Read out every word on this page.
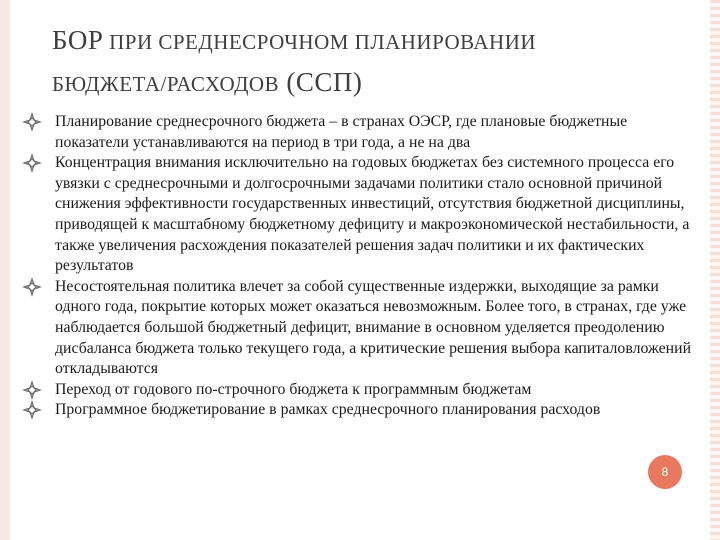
БОР ПРИ СРЕДНЕСРОЧНОМ ПЛАНИРОВАНИИ
БЮДЖЕТА/РАСХОДОВ (ССП)
Планирование среднесрочного бюджета – в странах ОЭСР, где плановые бюджетные показатели устанавливаются на период в три года, а не на два
Концентрация внимания исключительно на годовых бюджетах без системного процесса его увязки с среднесрочными и долгосрочными задачами политики стало основной причиной снижения эффективности государственных инвестиций, отсутствия бюджетной дисциплины, приводящей к масштабному бюджетному дефициту и макроэкономической нестабильности, а также увеличения расхождения показателей решения задач политики и их фактических результатов
Несостоятельная политика влечет за собой существенные издержки, выходящие за рамки одного года, покрытие которых может оказаться невозможным. Более того, в странах, где уже наблюдается большой бюджетный дефицит, внимание в основном уделяется преодолению дисбаланса бюджета только текущего года, а критические решения выбора капиталовложений откладываются
Переход от годового по-строчного бюджета к программным бюджетам
Программное бюджетирование в рамках среднесрочного планирования расходов
8
